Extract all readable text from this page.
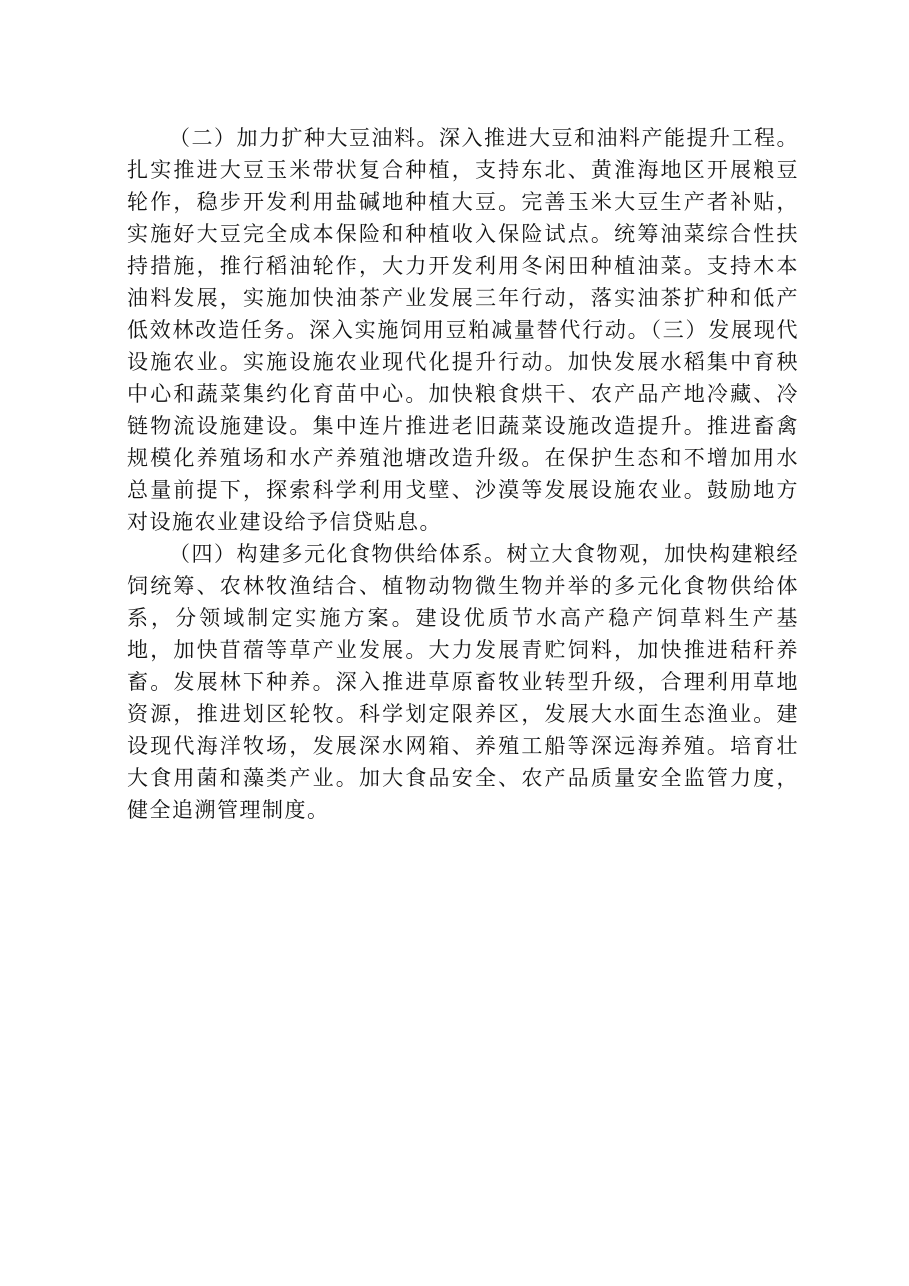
（二）加力扩种大豆油料。深入推进大豆和油料产能提升工程。扎实推进大豆玉米带状复合种植，支持东北、黄淮海地区开展粮豆轮作，稳步开发利用盐碱地种植大豆。完善玉米大豆生产者补贴，实施好大豆完全成本保险和种植收入保险试点。统筹油菜综合性扶持措施，推行稻油轮作，大力开发利用冬闲田种植油菜。支持木本油料发展，实施加快油茶产业发展三年行动，落实油茶扩种和低产低效林改造任务。深入实施饲用豆粕减量替代行动。（三）发展现代设施农业。实施设施农业现代化提升行动。加快发展水稻集中育秧中心和蔬菜集约化育苗中心。加快粮食烘干、农产品产地冷藏、冷链物流设施建设。集中连片推进老旧蔬菜设施改造提升。推进畜禽规模化养殖场和水产养殖池塘改造升级。在保护生态和不增加用水总量前提下，探索科学利用戈壁、沙漠等发展设施农业。鼓励地方对设施农业建设给予信贷贴息。

（四）构建多元化食物供给体系。树立大食物观，加快构建粮经饲统筹、农林牧渔结合、植物动物微生物并举的多元化食物供给体系，分领域制定实施方案。建设优质节水高产稳产饲草料生产基地，加快苜蓿等草产业发展。大力发展青贮饲料，加快推进秸秆养畜。发展林下种养。深入推进草原畜牧业转型升级，合理利用草地资源，推进划区轮牧。科学划定限养区，发展大水面生态渔业。建设现代海洋牧场，发展深水网箱、养殖工船等深远海养殖。培育壮大食用菌和藻类产业。加大食品安全、农产品质量安全监管力度，健全追溯管理制度。
